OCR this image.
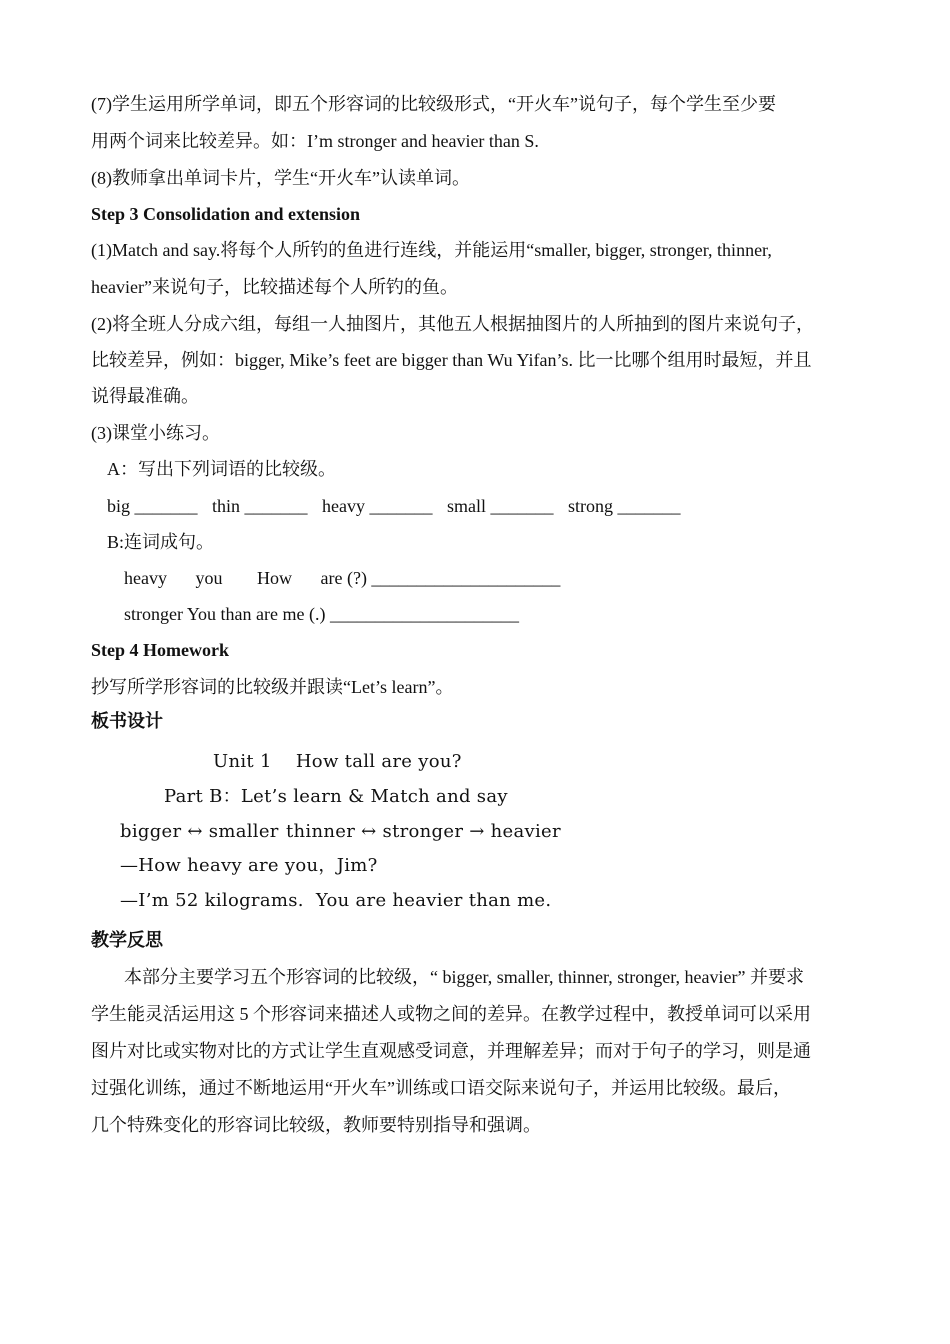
(7)学生运用所学单词，即五个形容词的比较级形式，“开火车”说句子，每个学生至少要
用两个词来比较差异。如：I’m stronger and heavier than S.
(8)教师拿出单词卡片，学生“开火车”认读单词。
Step 3 Consolidation and extension
(1)Match and say.将每个人所钓的鱼进行连线，并能运用“smaller, bigger, stronger, thinner,
heavier”来说句子，比较描述每个人所钓的鱼。
(2)将全班人分成六组，每组一人抽图片，其他五人根据抽图片的人所抽到的图片来说句子，
比较差异，例如：bigger, Mike’s feet are bigger than Wu Yifan’s. 比一比哪个组用时最短，并且
说得最准确。
(3)课堂小练习。
A：写出下列词语的比较级。
big _______ thin _______ heavy _______ small _______ strong _______
B:连词成句。
heavy you How are (?) _____________________
stronger You than are me (.) _____________________
Step 4 Homework
抄写所学形容词的比较级并跟读“Let’s learn”。
板书设计
Unit 1    How tall are you?
Part B：Let’s learn & Match and say
bigger ↔ smaller thinner ↔ stronger → heavier
—How heavy are you，Jim?
—I’m 52 kilograms.  You are heavier than me.
教学反思
本部分主要学习五个形容词的比较级，“ bigger, smaller, thinner, stronger, heavier” 并要求
学生能灵活运用这 5 个形容词来描述人或物之间的差异。在教学过程中，教授单词可以采用
图片对比或实物对比的方式让学生直观感受词意，并理解差异；而对于句子的学习，则是通
过强化训练，通过不断地运用“开火车”训练或口语交际来说句子，并运用比较级。最后，
几个特殊变化的形容词比较级，教师要特别指导和强调。
